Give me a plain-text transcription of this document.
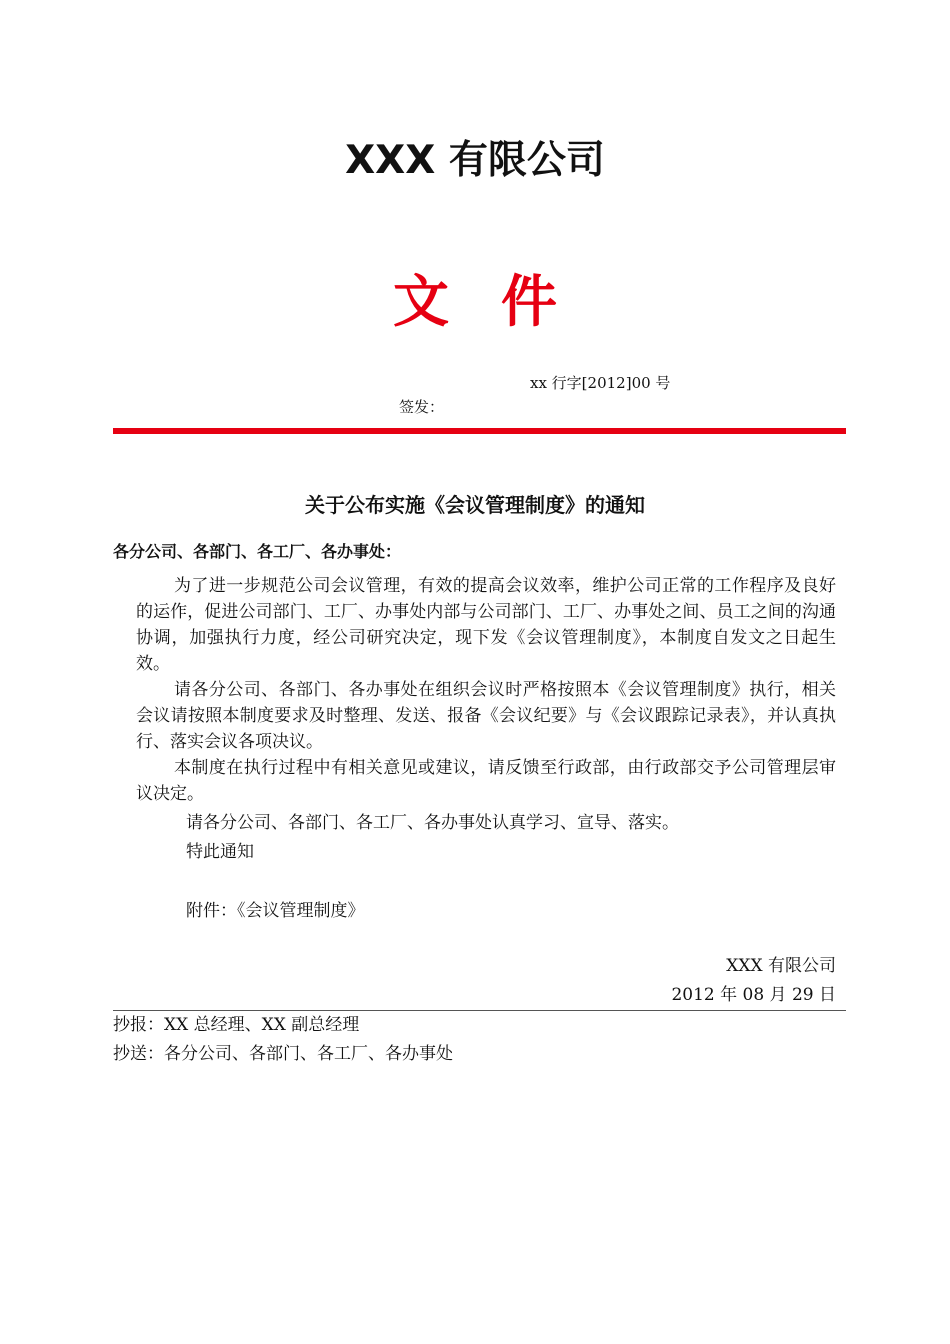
XXX 有限公司
文件
xx 行字[2012]00 号
签发：
关于公布实施《会议管理制度》的通知
各分公司、各部门、各工厂、各办事处：

为了进一步规范公司会议管理，有效的提高会议效率，维护公司正常的工作程序及良好的运作，促进公司部门、工厂、办事处内部与公司部门、工厂、办事处之间、员工之间的沟通协调，加强执行力度，经公司研究决定，现下发《会议管理制度》，本制度自发文之日起生效。

请各分公司、各部门、各办事处在组织会议时严格按照本《会议管理制度》执行，相关会议请按照本制度要求及时整理、发送、报备《会议纪要》与《会议跟踪记录表》，并认真执行、落实会议各项决议。

本制度在执行过程中有相关意见或建议，请反馈至行政部，由行政部交予公司管理层审议决定。

请各分公司、各部门、各工厂、各办事处认真学习、宣导、落实。
特此通知
附件：《会议管理制度》
XXX 有限公司
2012 年 08 月 29 日
抄报：XX 总经理、XX 副总经理
抄送：各分公司、各部门、各工厂、各办事处
